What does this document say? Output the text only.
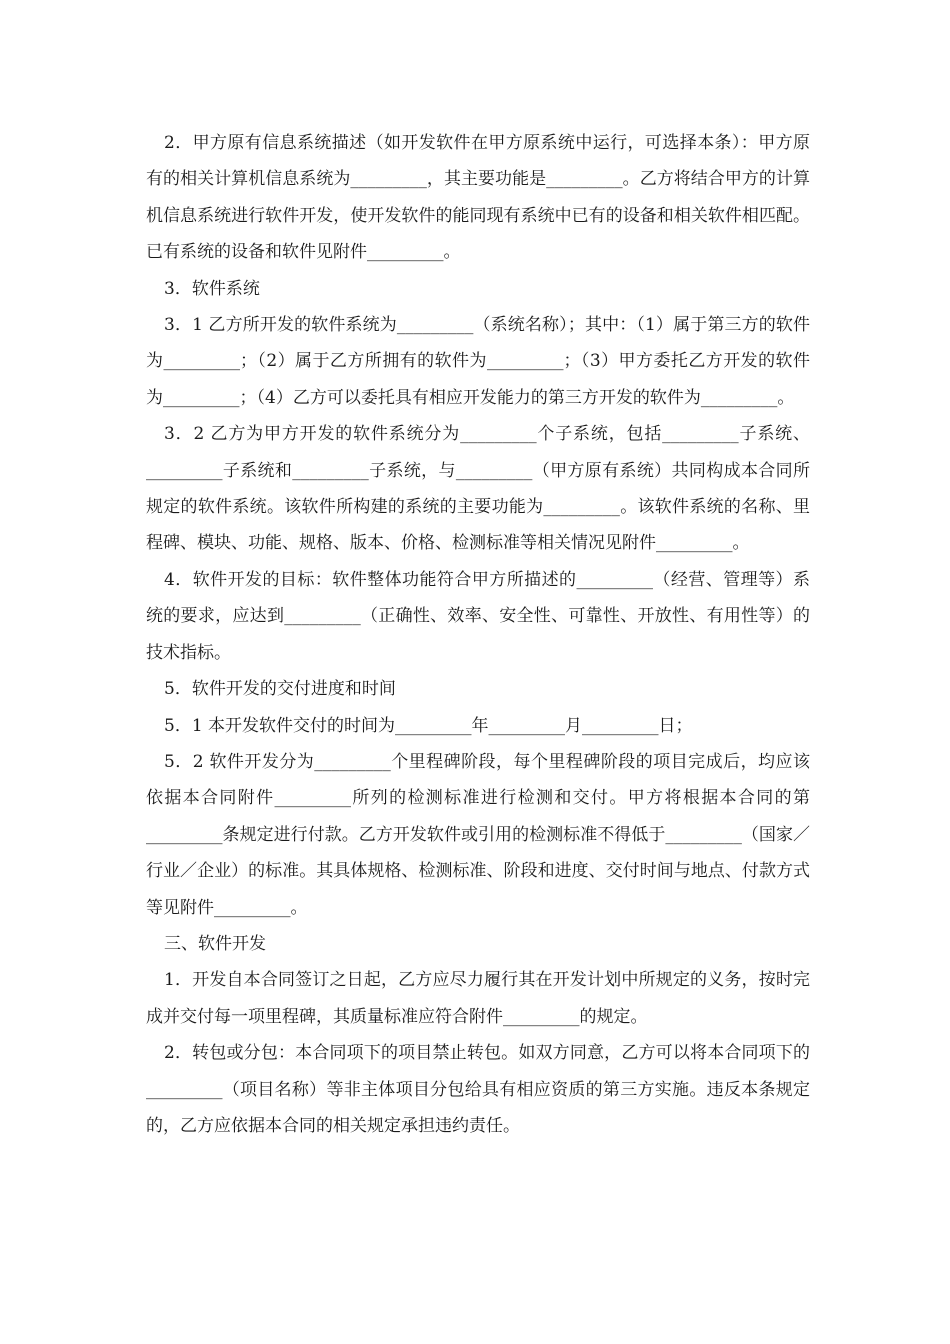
2．甲方原有信息系统描述（如开发软件在甲方原系统中运行，可选择本条）：甲方原有的相关计算机信息系统为_________，其主要功能是_________。乙方将结合甲方的计算机信息系统进行软件开发，使开发软件的能同现有系统中已有的设备和相关软件相匹配。已有系统的设备和软件见附件_________。

3．软件系统

3．1 乙方所开发的软件系统为_________（系统名称）；其中：（1）属于第三方的软件为_________；（2）属于乙方所拥有的软件为_________；（3）甲方委托乙方开发的软件为_________；（4）乙方可以委托具有相应开发能力的第三方开发的软件为_________。

3．2 乙方为甲方开发的软件系统分为_________个子系统，包括_________子系统、_________子系统和_________子系统，与_________（甲方原有系统）共同构成本合同所规定的软件系统。该软件所构建的系统的主要功能为_________。该软件系统的名称、里程碑、模块、功能、规格、版本、价格、检测标准等相关情况见附件_________。

4．软件开发的目标：软件整体功能符合甲方所描述的_________（经营、管理等）系统的要求，应达到_________（正确性、效率、安全性、可靠性、开放性、有用性等）的技术指标。

5．软件开发的交付进度和时间

5．1 本开发软件交付的时间为_________年_________月_________日；

5．2 软件开发分为_________个里程碑阶段，每个里程碑阶段的项目完成后，均应该依据本合同附件_________所列的检测标准进行检测和交付。甲方将根据本合同的第_________条规定进行付款。乙方开发软件或引用的检测标准不得低于_________（国家／行业／企业）的标准。其具体规格、检测标准、阶段和进度、交付时间与地点、付款方式等见附件_________。

三、软件开发

1．开发自本合同签订之日起，乙方应尽力履行其在开发计划中所规定的义务，按时完成并交付每一项里程碑，其质量标准应符合附件_________的规定。

2．转包或分包：本合同项下的项目禁止转包。如双方同意，乙方可以将本合同项下的_________（项目名称）等非主体项目分包给具有相应资质的第三方实施。违反本条规定的，乙方应依据本合同的相关规定承担违约责任。
